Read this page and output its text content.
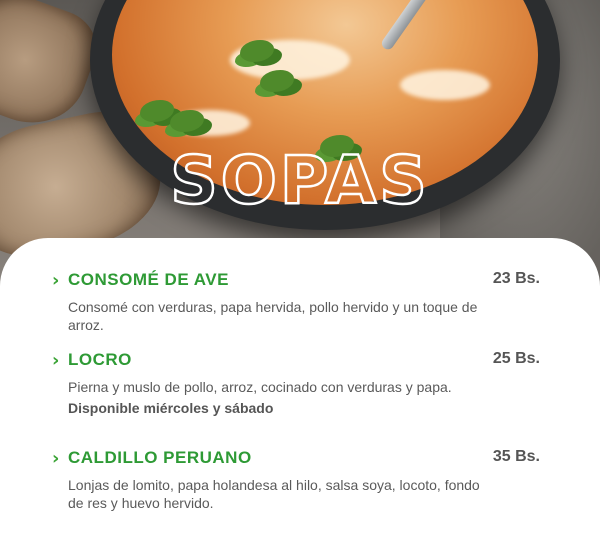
SOPAS
› CONSOMÉ DE AVE	23 Bs.
Consomé con verduras, papa hervida, pollo hervido y un toque de arroz.
› LOCRO	25 Bs.
Pierna y muslo de pollo, arroz, cocinado con verduras y papa.
Disponible miércoles y sábado
› CALDILLO PERUANO	35 Bs.
Lonjas de lomito, papa holandesa al hilo, salsa soya, locoto, fondo de res y huevo hervido.
